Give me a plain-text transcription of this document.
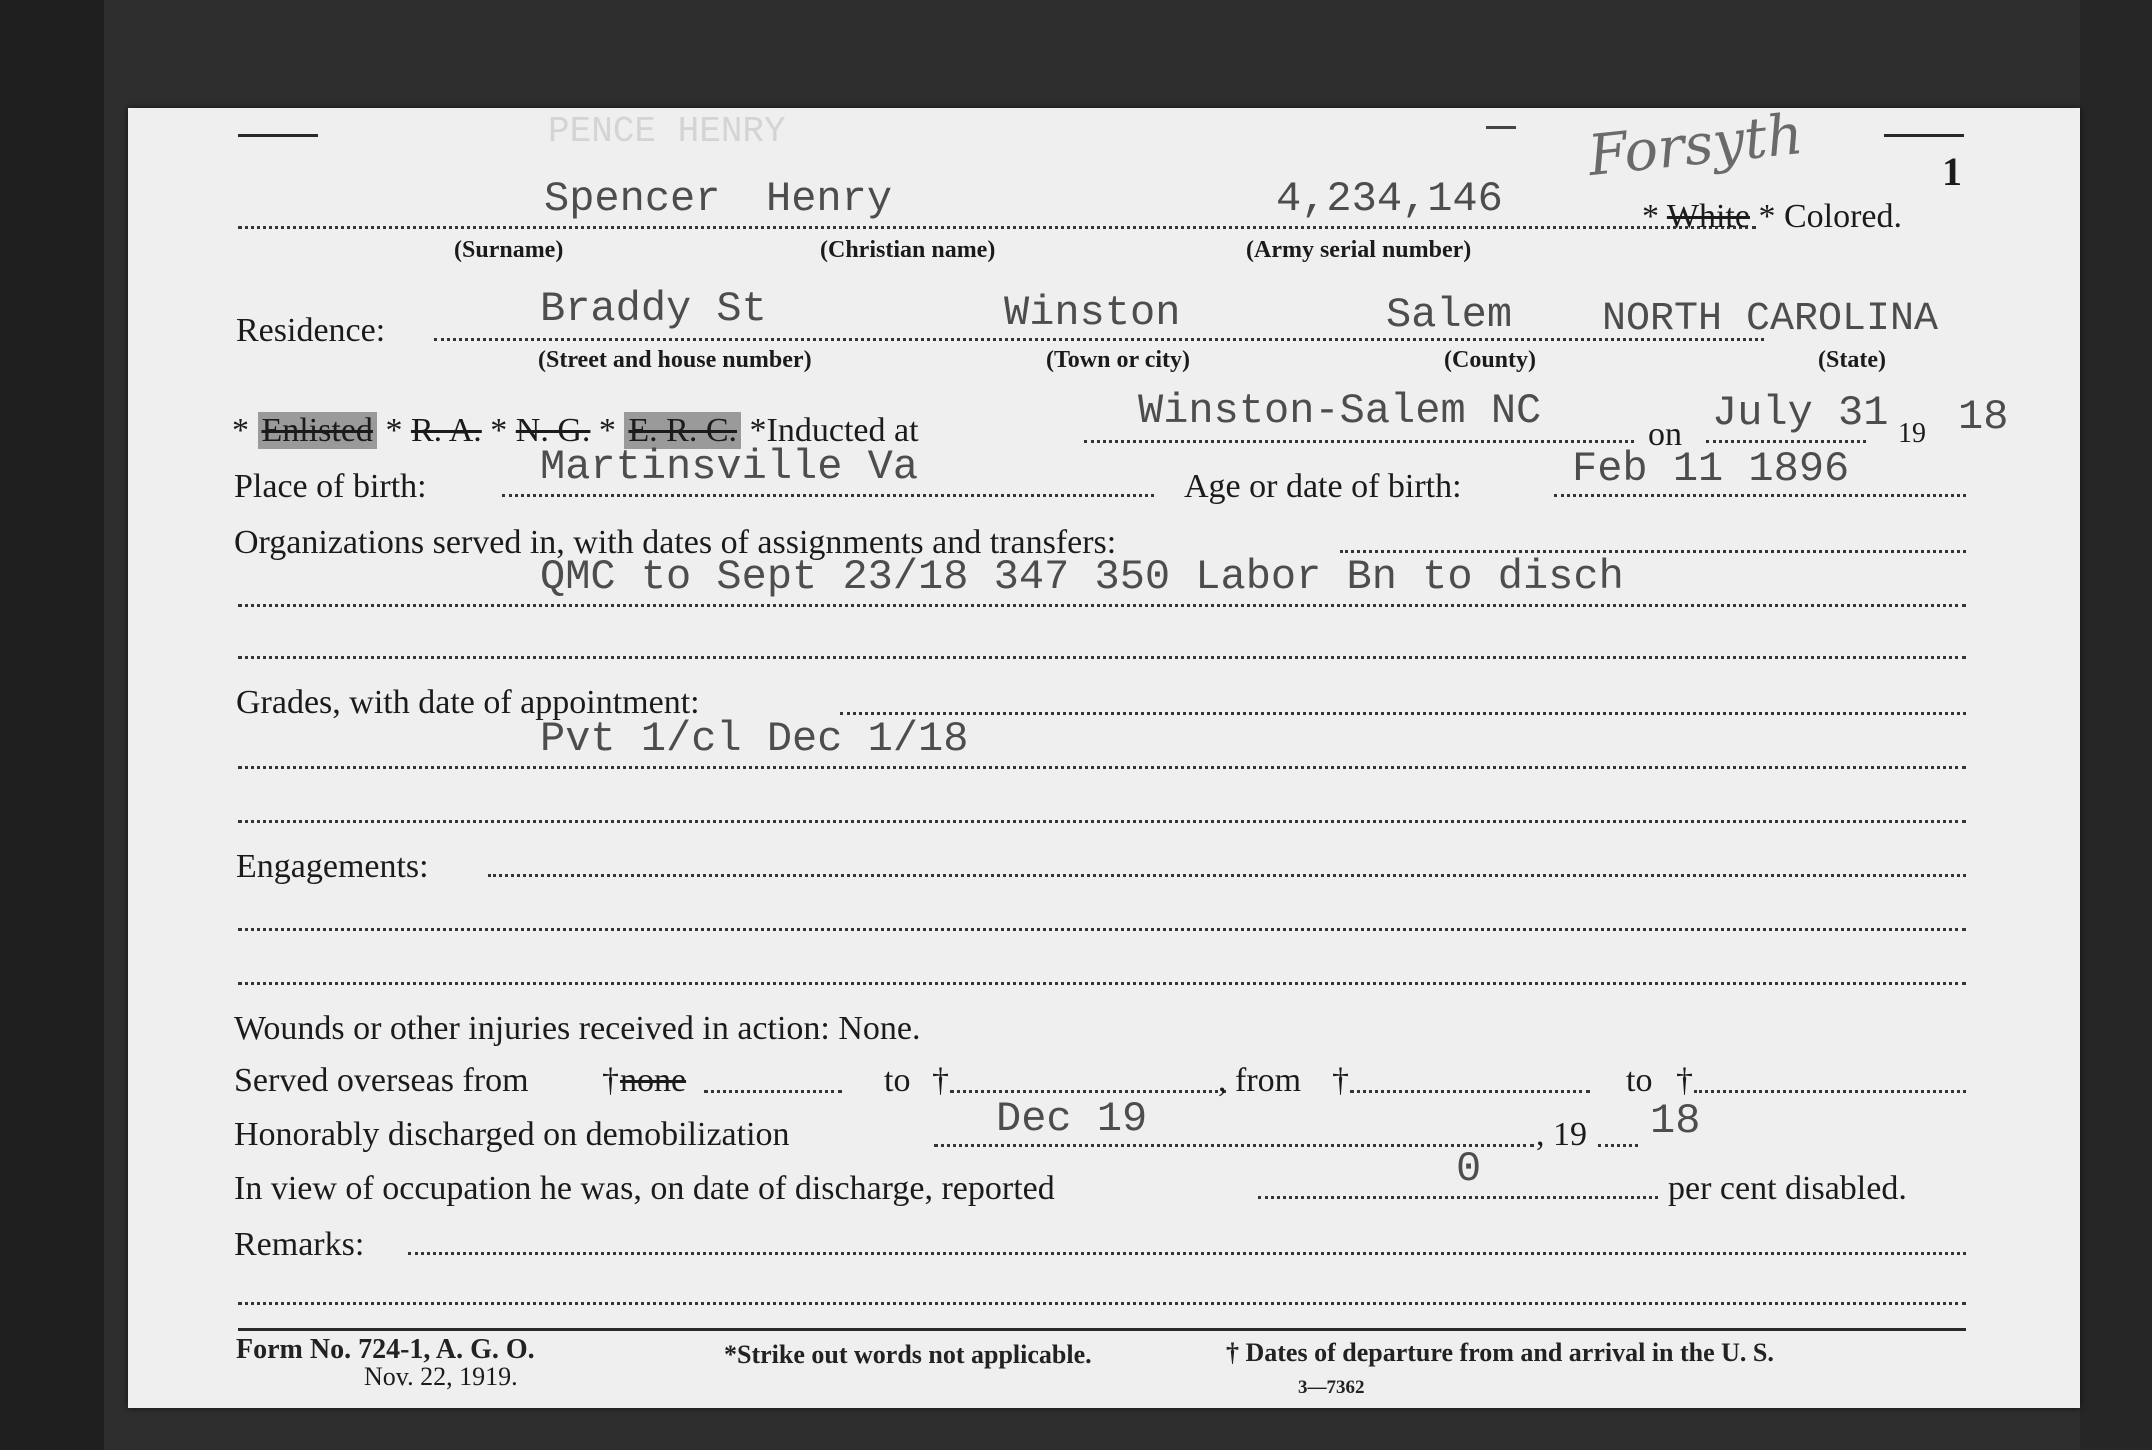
PENCE HENRY
1
Forsyth
Spencer Henry	4,234,146	* White * Colored.
(Surname)	(Christian name)	(Army serial number)
Residence:	Braddy St	Winston	Salem NORTH CAROLINA
(Street and house number)	(Town or city)	(County)	(State)
* Enlisted * R. A. * N. G. * E. R. C. *Inducted at	Winston-Salem NC	on July 31 19 18
Place of birth:	Martinsville Va	Age or date of birth:	Feb 11 1896
Organizations served in, with dates of assignments and transfers:
QMC to Sept 23/18 347 350 Labor Bn to disch
Grades, with date of appointment:
Pvt 1/cl Dec 1/18
Engagements:
Wounds or other injuries received in action: None.
Served overseas from † none	to †	, from †	to †
Honorably discharged on demobilization	Dec 19	, 19 18
In view of occupation he was, on date of discharge, reported	0	per cent disabled.
Remarks:
Form No. 724-1, A. G. O.
Nov. 22, 1919.
*Strike out words not applicable.	† Dates of departure from and arrival in the U. S.
3—7362
